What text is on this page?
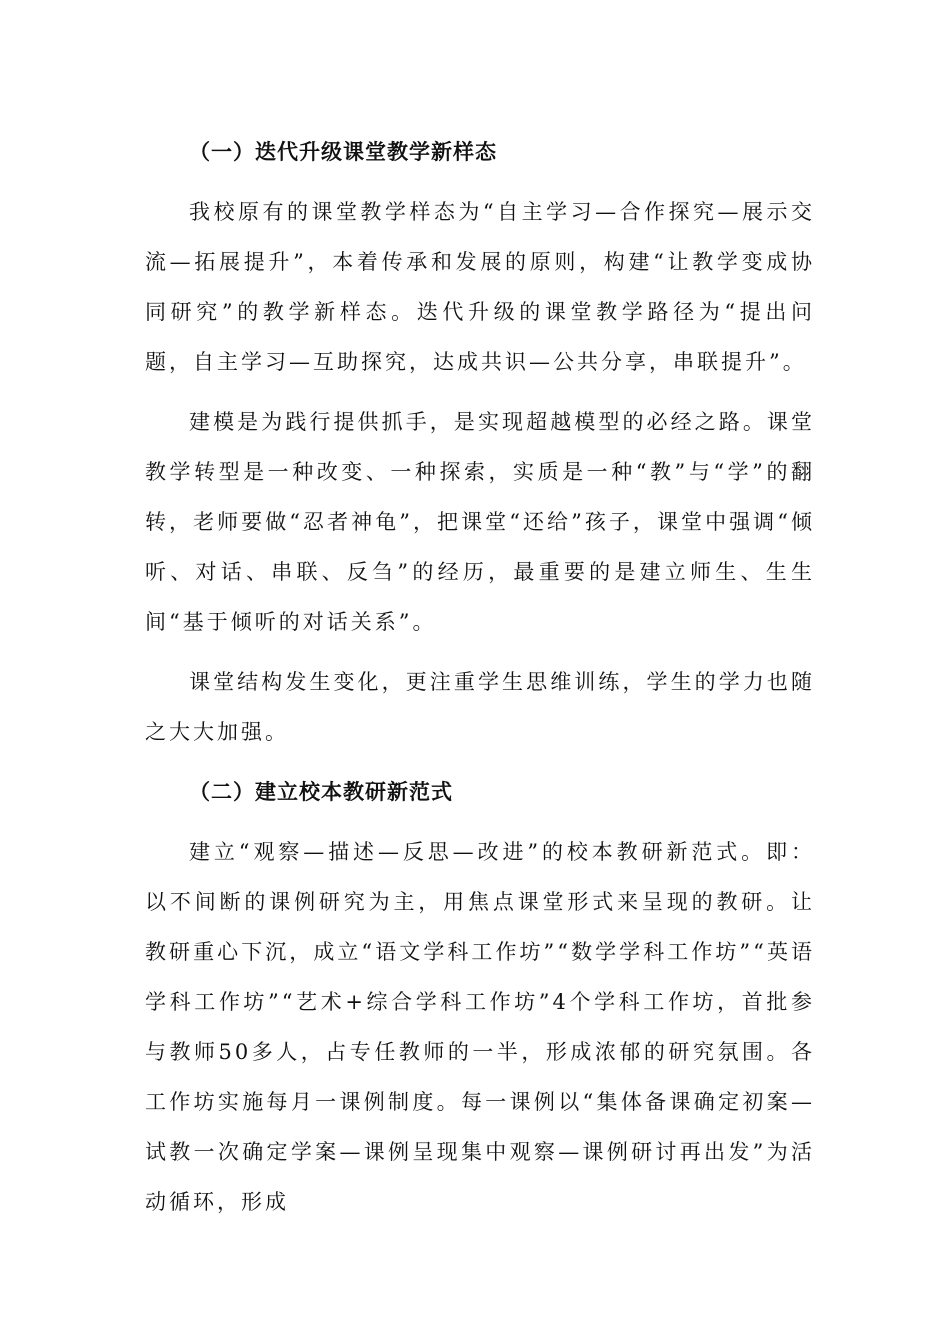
（一）迭代升级课堂教学新样态

我校原有的课堂教学样态为“自主学习—合作探究—展示交流—拓展提升”，本着传承和发展的原则，构建“让教学变成协同研究”的教学新样态。迭代升级的课堂教学路径为“提出问题，自主学习—互助探究，达成共识—公共分享，串联提升”。

建模是为践行提供抓手，是实现超越模型的必经之路。课堂教学转型是一种改变、一种探索，实质是一种“教”与“学”的翻转，老师要做“忍者神龟”，把课堂“还给”孩子，课堂中强调“倾听、对话、串联、反刍”的经历，最重要的是建立师生、生生间“基于倾听的对话关系”。

课堂结构发生变化，更注重学生思维训练，学生的学力也随之大大加强。

（二）建立校本教研新范式

建立“观察—描述—反思—改进”的校本教研新范式。即：以不间断的课例研究为主，用焦点课堂形式来呈现的教研。让教研重心下沉，成立“语文学科工作坊”“数学学科工作坊”“英语学科工作坊”“艺术+综合学科工作坊”4个学科工作坊，首批参与教师50多人，占专任教师的一半，形成浓郁的研究氛围。各工作坊实施每月一课例制度。每一课例以“集体备课确定初案—试教一次确定学案—课例呈现集中观察—课例研讨再出发”为活动循环，形成
